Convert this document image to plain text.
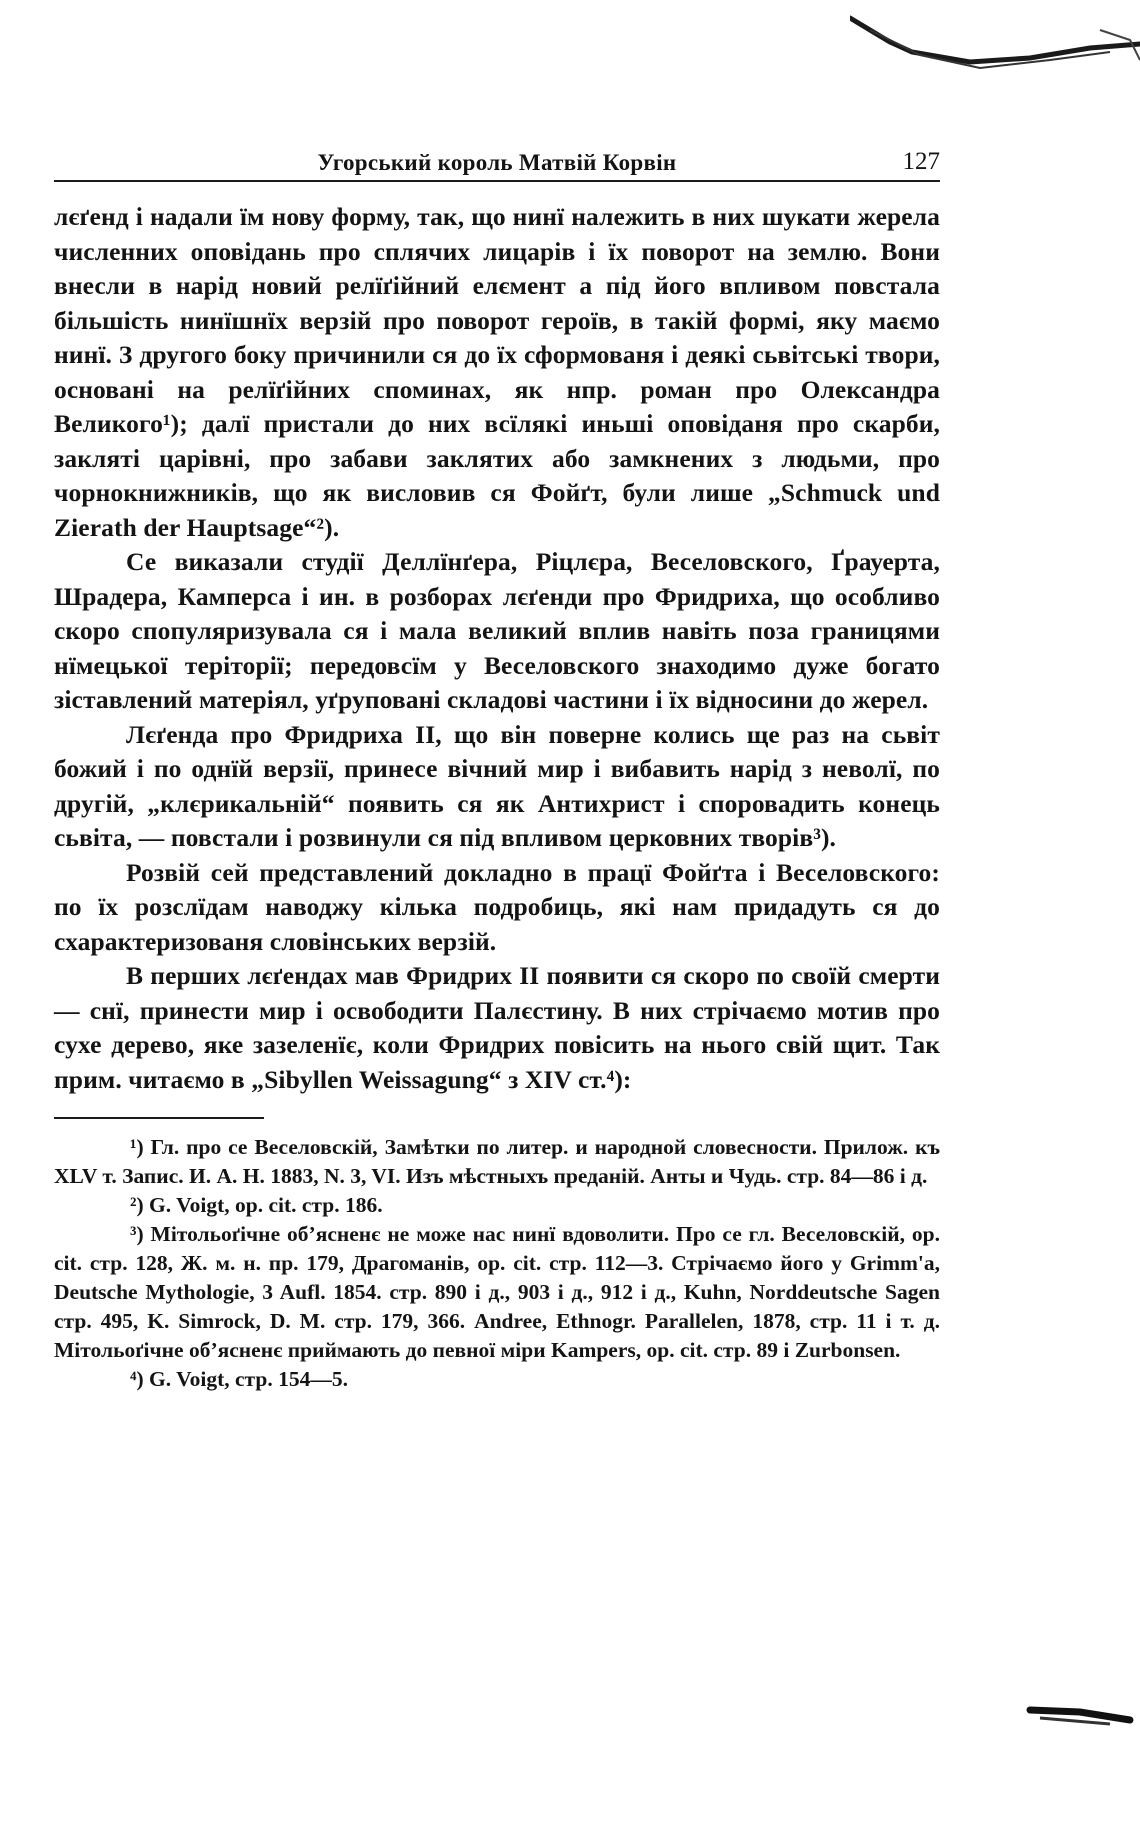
Угорський король Матвій Корвін	127

лєґенд і надали їм нову форму, так, що нинї належить в них шукати жерела численних оповідань про сплячих лицарів і їх поворот на землю. Вони внесли в нарід новий релїґійний елємент а під його впливом повстала більшість нинїшнїх верзій про поворот героїв, в такій формі, яку маємо нинї. З другого боку причинили ся до їх сформованя і деякі сьвітські твори, основані на релїґійних споминах, як нпр. роман про Олександра Великого¹); далї пристали до них всїлякі иньші оповіданя про скарби, закляті царівні, про забави заклятих або замкнених з людьми, про чорнокнижників, що як висловив ся Фойґт, були лише „Schmuck und Zierath der Hauptsage“²).

Се виказали студії Деллїнґера, Ріцлєра, Веселовского, Ґрауерта, Шрадера, Камперса і ин. в розборах лєґенди про Фридриха, що особливо скоро спопуляризувала ся і мала великий вплив навіть поза границями нїмецької теріторії; передовсїм у Веселовского знаходимо дуже богато зіставлений матеріял, уґруповані складові частини і їх відносини до жерел.

Лєґенда про Фридриха II, що він поверне колись ще раз на сьвіт божий і по однїй верзії, принесе вічний мир і вибавить нарід з неволї, по другій, „клєрикальній“ появить ся як Антихрист і споровадить конець сьвіта, — повстали і розвинули ся під впливом церковних творів³).

Розвій сей представлений докладно в працї Фойґта і Веселовского: по їх розслїдам наводжу кілька подробиць, які нам придадуть ся до схарактеризованя словінських верзій.

В перших лєґендах мав Фридрих II появити ся скоро по своїй смерти — снї, принести мир і освободити Палєстину. В них стрічаємо мотив про сухе дерево, яке зазеленїє, коли Фридрих повісить на нього свій щит. Так прим. читаємо в „Sibyllen Weissagung“ з XIV ст.⁴):

¹) Гл. про се Веселовскій, Замѣтки по литер. и народной словесности. Прилож. къ XLV т. Запис. И. А. Н. 1883, N. 3, VI. Изъ мѣстныхъ преданій. Анты и Чудь. стр. 84—86 і д.

²) G. Voigt, op. cit. стр. 186.

³) Мітольоґічне обʼясненє не може нас нинї вдоволити. Про се гл. Веселовскій, op. cit. стр. 128, Ж. м. н. пр. 179, Драгоманів, op. cit. стр. 112—3. Стрічаємо його у Grimm'a, Deutsche Mythologie, 3 Aufl. 1854. стр. 890 і д., 903 і д., 912 і д., Kuhn, Norddeutsche Sagen стр. 495, K. Simrock, D. M. стр. 179, 366. Andree, Ethnogr. Parallelen, 1878, стр. 11 і т. д. Мітольоґічне обʼясненє приймають до певної міри Kampers, op. cit. стр. 89 і Zurbonsen.

⁴) G. Voigt, стр. 154—5.
